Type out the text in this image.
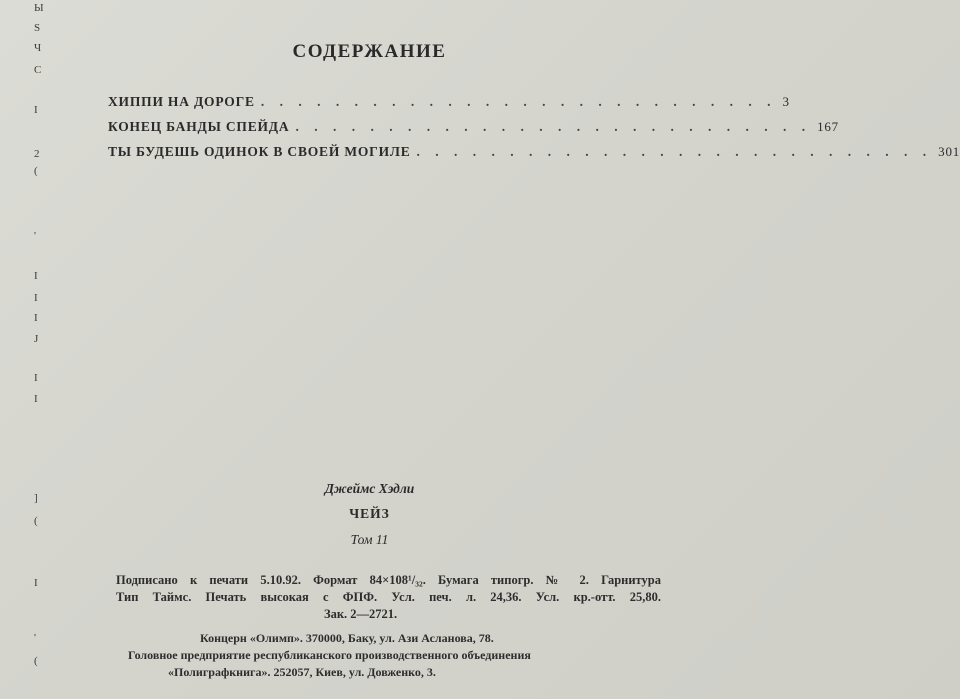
Ы
S
Ч
С
І
2
(
'
І
І
І
Ј
І
І
]
(
І
'
(
СОДЕРЖАНИЕ
ХИППИ НА ДОРОГЕ . . . . . . . . . . . . . . . . . . . . . . . . . . . . 3
КОНЕЦ БАНДЫ СПЕЙДА . . . . . . . . . . . . . . . . . . . . . . . . . . . . 167
ТЫ БУДЕШЬ ОДИНОК В СВОЕЙ МОГИЛЕ . . . . . . . . . . . . . . . . . . . . . . . . . . . . 301
Джеймс Хэдли
ЧЕЙЗ
Том 11
Подписано к печати 5.10.92. Формат 84×108¹/₃₂. Бумага типогр. № 2. Гарнитура
Тип Таймс. Печать высокая с ФПФ. Усл. печ. л. 24,36. Усл. кр.-отт. 25,80.
Зак. 2—2721.
Концерн «Олимп». 370000, Баку, ул. Ази Асланова, 78.
Головное предприятие республиканского производственного объединения
«Полиграфкнига». 252057, Киев, ул. Довженко, 3.
